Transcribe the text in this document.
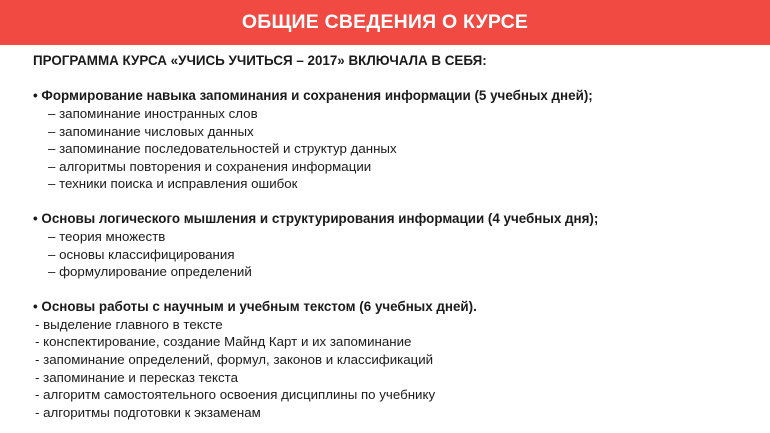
ОБЩИЕ СВЕДЕНИЯ О КУРСЕ

ПРОГРАММА КУРСА «УЧИСЬ УЧИТЬСЯ – 2017» ВКЛЮЧАЛА В СЕБЯ:

• Формирование навыка запоминания и сохранения информации (5 учебных дней);

– запоминание иностранных слов
– запоминание числовых данных
– запоминание последовательностей и структур данных
– алгоритмы повторения и сохранения информации
– техники поиска и исправления ошибок

• Основы логического мышления и структурирования информации (4 учебных дня);

– теория множеств
– основы классифицирования
– формулирование определений

• Основы работы с научным и учебным текстом (6 учебных дней).

- выделение главного в тексте
- конспектирование, создание Майнд Карт и их запоминание
- запоминание определений, формул, законов и классификаций
- запоминание и пересказ текста
- алгоритм самостоятельного освоения дисциплины по учебнику
- алгоритмы подготовки к экзаменам
